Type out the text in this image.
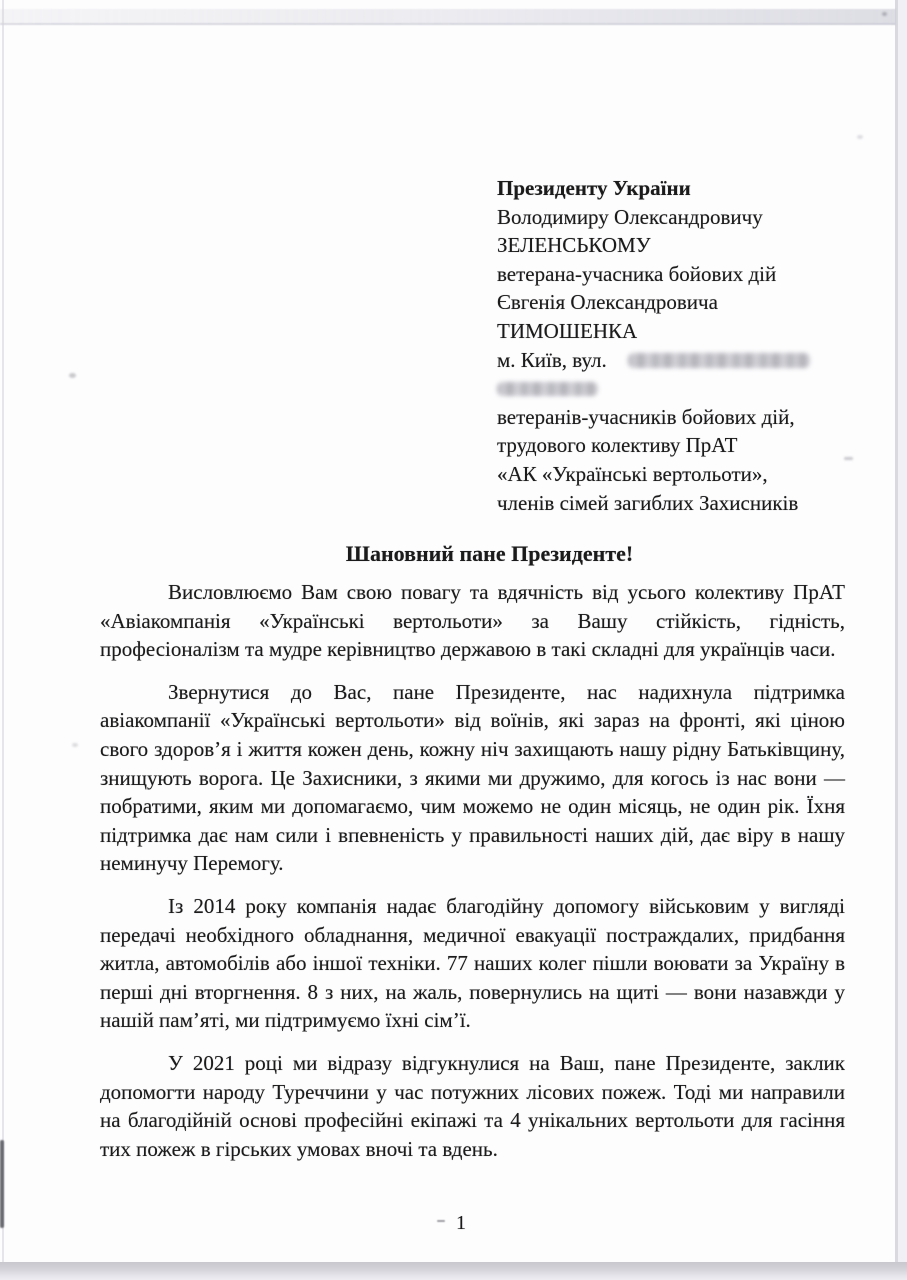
Президенту України
Володимиру Олександровичу
ЗЕЛЕНСЬКОМУ
ветерана-учасника бойових дій
Євгенія Олександровича
ТИМОШЕНКА
м. Київ, вул.
ветеранів-учасників бойових дій,
трудового колективу ПрАТ
«АК «Українські вертольоти»,
членів сімей загиблих Захисників
Шановний пане Президенте!

Висловлюємо Вам свою повагу та вдячність від усього колективу ПрАТ «Авіакомпанія «Українські вертольоти» за Вашу стійкість, гідність, професіоналізм та мудре керівництво державою в такі складні для українців часи.

Звернутися до Вас, пане Президенте, нас надихнула підтримка авіакомпанії «Українські вертольоти» від воїнів, які зараз на фронті, які ціною свого здоров’я і життя кожен день, кожну ніч захищають нашу рідну Батьківщину, знищують ворога. Це Захисники, з якими ми дружимо, для когось із нас вони — побратими, яким ми допомагаємо, чим можемо не один місяць, не один рік. Їхня підтримка дає нам сили і впевненість у правильності наших дій, дає віру в нашу неминучу Перемогу.

Із 2014 року компанія надає благодійну допомогу військовим у вигляді передачі необхідного обладнання, медичної евакуації постраждалих, придбання житла, автомобілів або іншої техніки. 77 наших колег пішли воювати за Україну в перші дні вторгнення. 8 з них, на жаль, повернулись на щиті — вони назавжди у нашій пам’яті, ми підтримуємо їхні сім’ї.

У 2021 році ми відразу відгукнулися на Ваш, пане Президенте, заклик допомогти народу Туреччини у час потужних лісових пожеж. Тоді ми направили на благодійній основі професійні екіпажі та 4 унікальних вертольоти для гасіння тих пожеж в гірських умовах вночі та вдень.

1
